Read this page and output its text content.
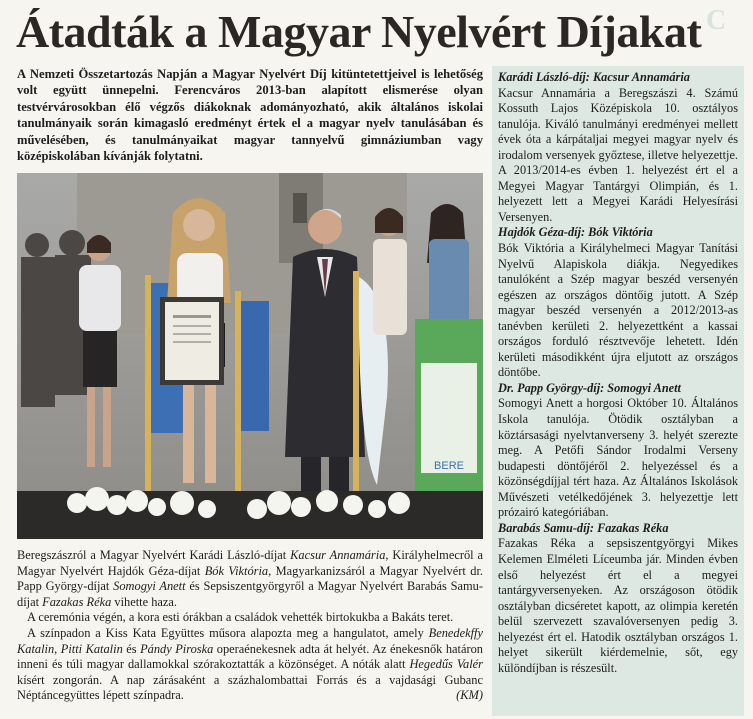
Átadták a Magyar Nyelvért Díjakat C
A Nemzeti Összetartozás Napján a Magyar Nyelvért Díj kitüntetettjeivel is lehetőség volt együtt ünnepelni. Ferencváros 2013-ban alapított elismerése olyan testvérvárosokban élő végzős diákoknak adományozható, akik általános iskolai tanulmányaik során kimagasló eredményt értek el a magyar nyelv tanulásában és művelésében, és tanulmányaikat magyar tannyelvű gimnáziumban vagy középiskolában kívánják folytatni.
BERE

Beregszászról a Magyar Nyelvért Karádi László-díjat Kacsur Annamária, Királyhelmecről a Magyar Nyelvért Hajdók Géza-díjat Bók Viktória, Magyarkanizsáról a Magyar Nyelvért dr. Papp György-díjat Somogyi Anett és Sepsiszentgyörgyről a Magyar Nyelvért Barabás Samu-díjat Fazakas Réka vihette haza.

A ceremónia végén, a kora esti órákban a családok vehették birtokukba a Bakáts teret.

A színpadon a Kiss Kata Együttes műsora alapozta meg a hangulatot, amely Benedekffy Katalin, Pitti Katalin és Pándy Piroska operaénekesnek adta át helyét. Az énekesnők határon inneni és túli magyar dallamokkal szórakoztatták a közönséget. A nóták alatt Hegedűs Valér kísért zongorán. A nap zárásaként a százhalombattai Forrás és a vajdasági Gubanc Néptáncegyüttes lépett színpadra.	(KM)

Karádi László-díj: Kacsur Annamária
Kacsur Annamária a Beregszászi 4. Számú Kossuth Lajos Középiskola 10. osztályos tanulója. Kiváló tanulmányi eredményei mellett évek óta a kárpátaljai megyei magyar nyelv és irodalom versenyek győztese, illetve helyezettje. A 2013/2014-es évben 1. helyezést ért el a Megyei Magyar Tantárgyi Olimpián, és 1. helyezett lett a Megyei Karádi Helyesírási Versenyen.
Hajdók Géza-díj: Bók Viktória
Bók Viktória a Királyhelmeci Magyar Tanítási Nyelvű Alapiskola diákja. Negyedikes tanulóként a Szép magyar beszéd versenyén egészen az országos döntőig jutott. A Szép magyar beszéd versenyén a 2012/2013-as tanévben kerületi 2. helyezettként a kassai országos forduló résztvevője lehetett. Idén kerületi másodikként újra eljutott az országos döntőbe.
Dr. Papp György-díj: Somogyi Anett
Somogyi Anett a horgosi Október 10. Általános Iskola tanulója. Ötödik osztályban a köztársasági nyelvtanverseny 3. helyét szerezte meg. A Petőfi Sándor Irodalmi Verseny budapesti döntőjéről 2. helyezéssel és a közönségdíjjal tért haza. Az Általános Iskolások Művészeti vetélkedőjének 3. helyezettje lett prózairó kategóriában.
Barabás Samu-díj: Fazakas Réka
Fazakas Réka a sepsiszentgyörgyi Mikes Kelemen Elméleti Líceumba jár. Minden évben első helyezést ért el a megyei tantárgyversenyeken. Az országoson ötödik osztályban dicséretet kapott, az olimpia keretén belül szervezett szavalóversenyen pedig 3. helyezést ért el. Hatodik osztályban országos 1. helyet sikerült kiérdemelnie, sőt, egy különdíjban is részesült.
